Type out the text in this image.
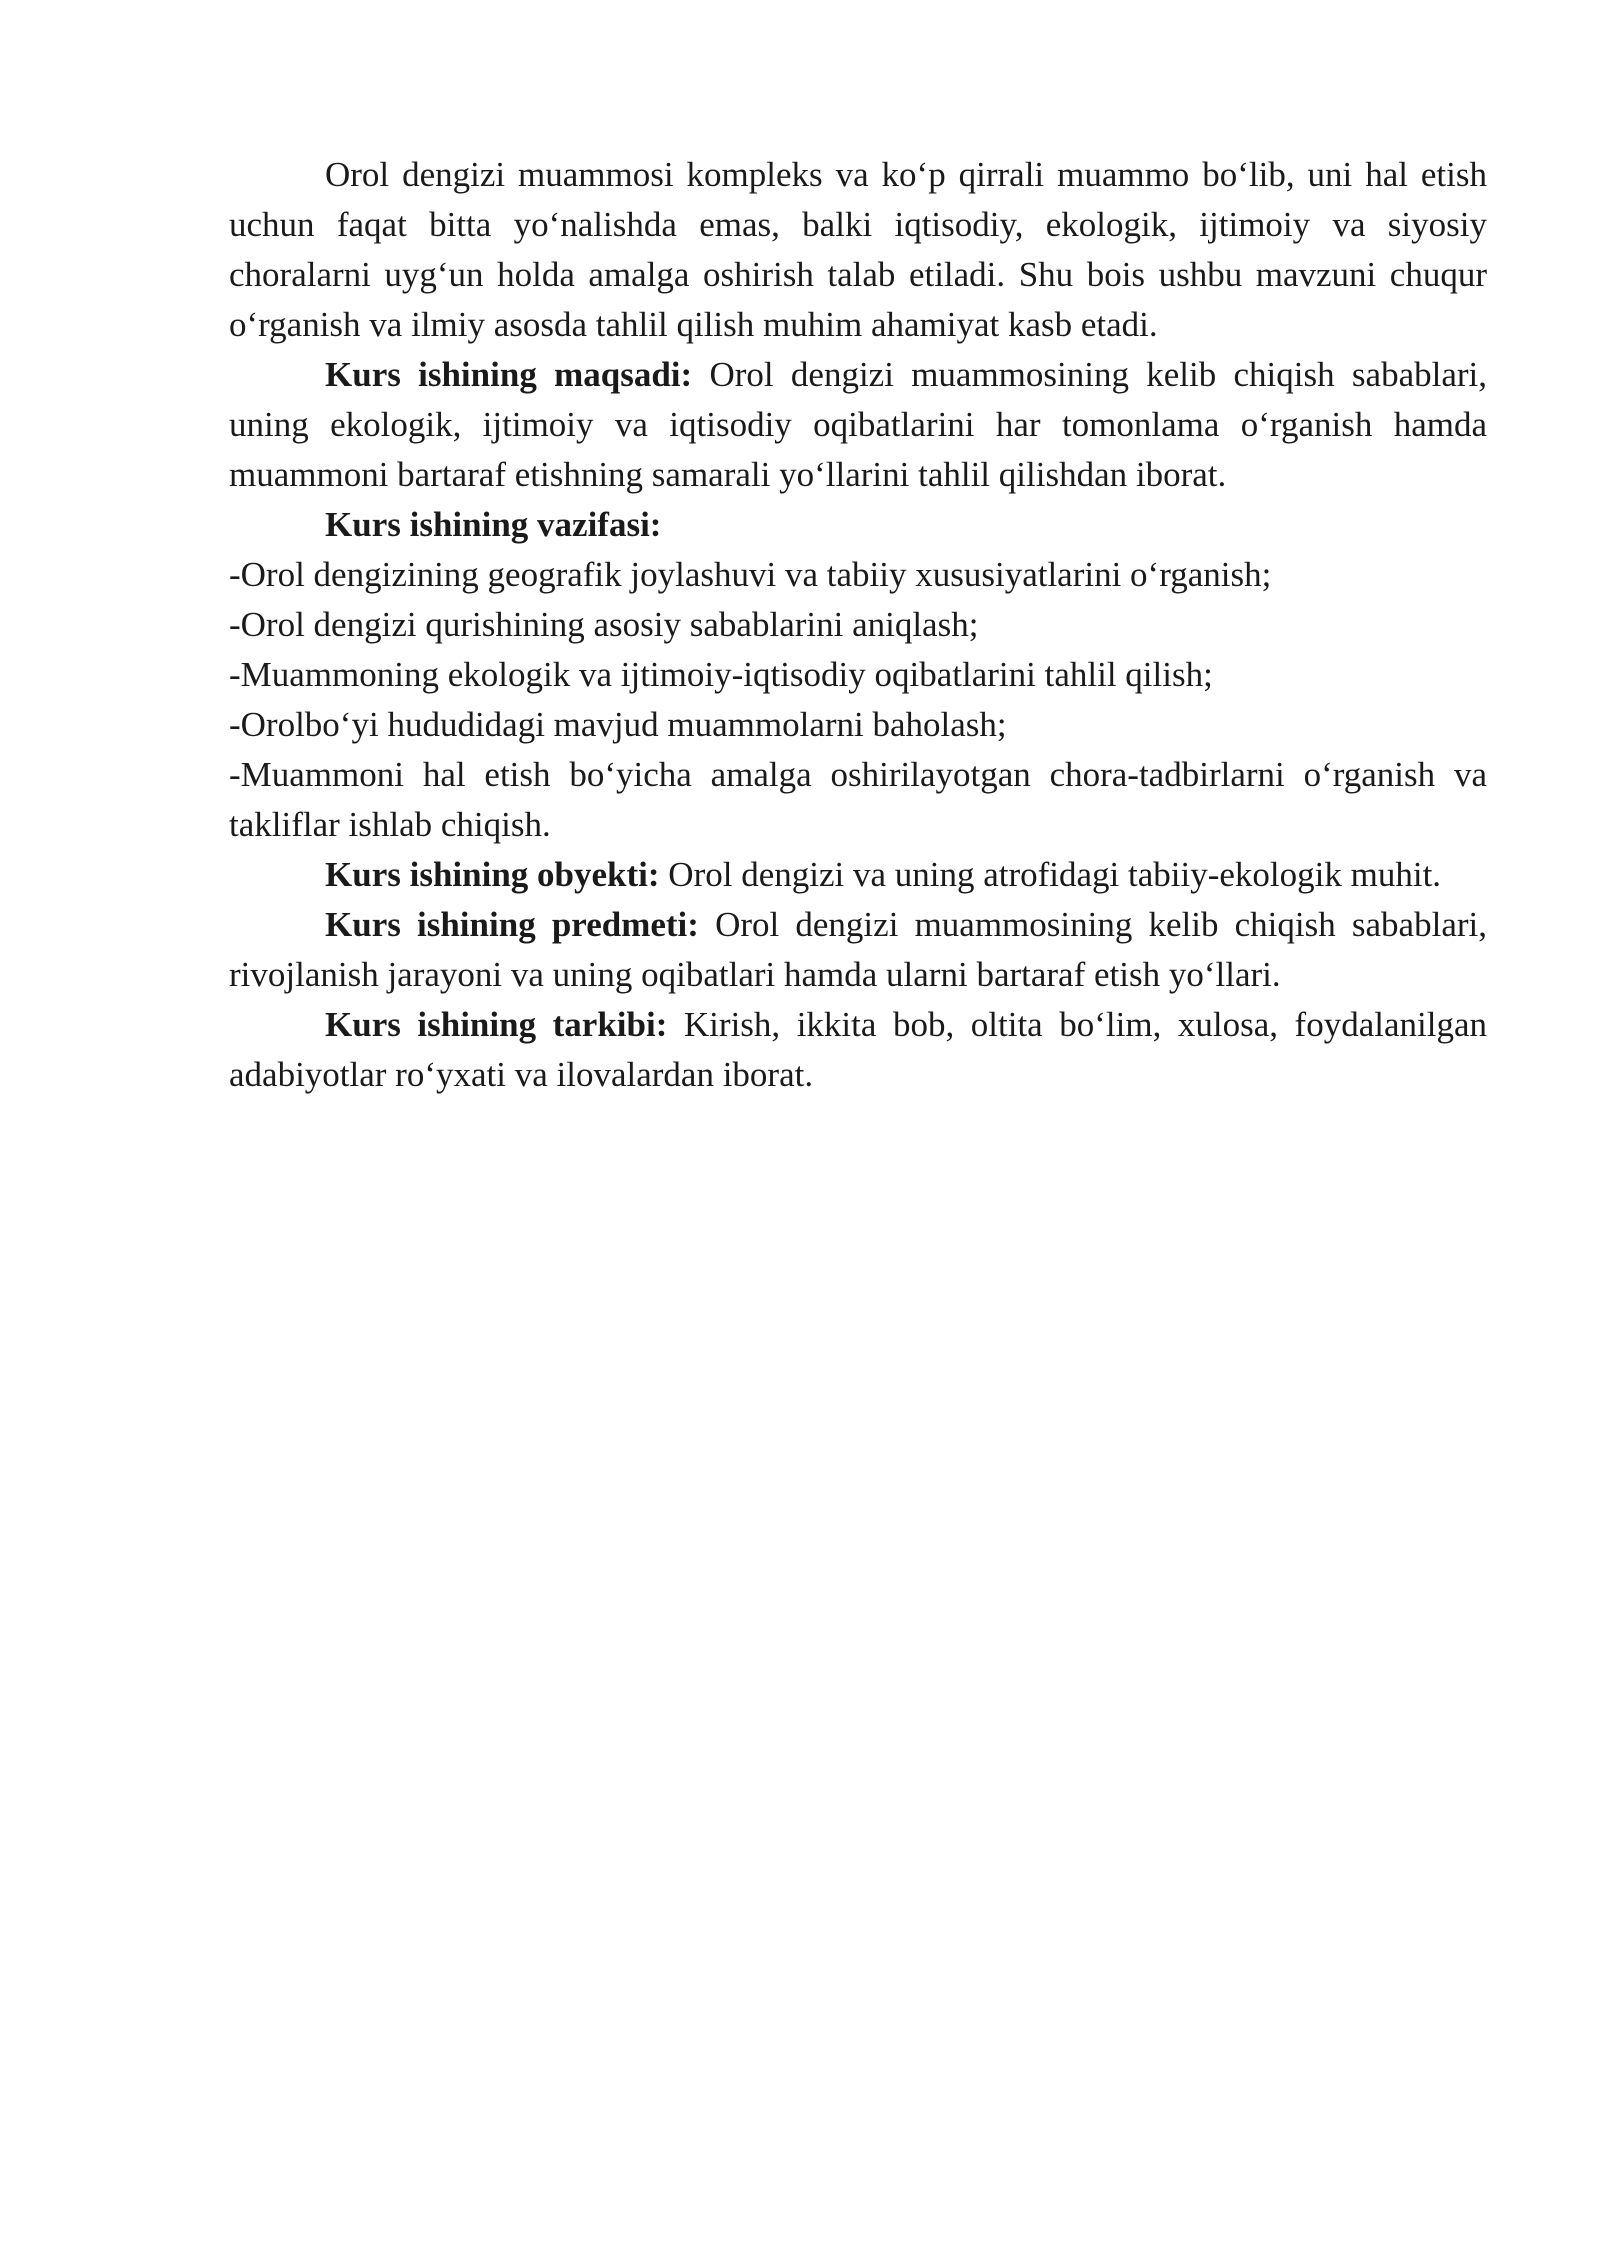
Orol dengizi muammosi kompleks va ko‘p qirrali muammo bo‘lib, uni hal etish uchun faqat bitta yo‘nalishda emas, balki iqtisodiy, ekologik, ijtimoiy va siyosiy choralarni uyg‘un holda amalga oshirish talab etiladi. Shu bois ushbu mavzuni chuqur o‘rganish va ilmiy asosda tahlil qilish muhim ahamiyat kasb etadi.

Kurs ishining maqsadi: Orol dengizi muammosining kelib chiqish sabablari, uning ekologik, ijtimoiy va iqtisodiy oqibatlarini har tomonlama o‘rganish hamda muammoni bartaraf etishning samarali yo‘llarini tahlil qilishdan iborat.

Kurs ishining vazifasi:

-Orol dengizining geografik joylashuvi va tabiiy xususiyatlarini o‘rganish;

-Orol dengizi qurishining asosiy sabablarini aniqlash;

-Muammoning ekologik va ijtimoiy-iqtisodiy oqibatlarini tahlil qilish;

-Orolbo‘yi hududidagi mavjud muammolarni baholash;

-Muammoni hal etish bo‘yicha amalga oshirilayotgan chora-tadbirlarni o‘rganish va takliflar ishlab chiqish.

Kurs ishining obyekti: Orol dengizi va uning atrofidagi tabiiy-ekologik muhit.

Kurs ishining predmeti: Orol dengizi muammosining kelib chiqish sabablari, rivojlanish jarayoni va uning oqibatlari hamda ularni bartaraf etish yo‘llari.

Kurs ishining tarkibi: Kirish, ikkita bob, oltita bo‘lim, xulosa, foydalanilgan adabiyotlar ro‘yxati va ilovalardan iborat.
